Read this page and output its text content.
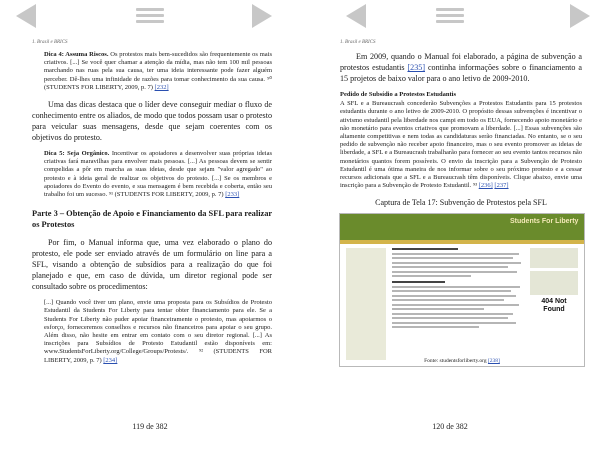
1. Brasil e BRICS

Dica 4: Assuma Riscos. Os protestos mais bem-sucedidos são frequentemente os mais criativos. [...] Se você quer chamar a atenção da mídia, mas não tem 100 mil pessoas marchando nas ruas pela sua causa, ter uma ideia interessante pode fazer alguém perceber. Dê-lhes uma infinidade de razões para tomar conhecimento da sua causa. ⁹⁰ (STUDENTS FOR LIBERTY, 2009, p. 7) [232]

Uma das dicas destaca que o líder deve conseguir mediar o fluxo de conhecimento entre os aliados, de modo que todos possam usar o protesto para veicular suas mensagens, desde que sejam coerentes com os objetivos do protesto.

Dica 5: Seja Orgânico. Incentivar os apoiadores a desenvolver suas próprias ideias criativas fará maravilhas para envolver mais pessoas. [...] As pessoas devem se sentir compelidas a pôr em marcha as suas ideias, desde que sejam "valor agregado" ao protesto e à ideia geral de realizar os objetivos do protesto. [...] Se os membros e apoiadores do Evento do evento, e sua mensagem é bem recebida e coberta, então seu trabalho foi um sucesso. ⁹¹ (STUDENTS FOR LIBERTY, 2009, p. 7) [233]

Parte 3 – Obtenção de Apoio e Financiamento da SFL para realizar os Protestos

Por fim, o Manual informa que, uma vez elaborado o plano do protesto, ele pode ser enviado através de um formulário on line para a SFL, visando a obtenção de subsídios para a realização do que foi planejado e que, em caso de dúvida, um diretor regional pode ser consultado sobre os procedimentos:

[...] Quando você tiver um plano, envie uma proposta para os Subsídios de Protesto Estudantil da Students For Liberty para tentar obter financiamento para ele. Se a Students For Liberty não puder apoiar financeiramente o protesto, mas apoiarmos o esforço, forneceremos conselhos e recursos não financeiros para apoiar o seu grupo. Além disso, não hesite em entrar em contato com o seu diretor regional. [...] As inscrições para Subsídios de Protesto Estudantil estão disponíveis em: www.StudentsForLiberty.org/College/Groups/Protests/. ⁹² (STUDENTS FOR LIBERTY, 2009, p. 7) [234]

119 de 382
1. Brasil e BRICS

Em 2009, quando o Manual foi elaborado, a página de subvenção a protestos estudantis [235] continha informações sobre o financiamento a 15 projetos de baixo valor para o ano letivo de 2009-2010.

Pedido de Subsídio a Protestos Estudantis
A SFL e a Bureaucrash concederão Subvenções a Protestos Estudantis para 15 protestos estudantis durante o ano letivo de 2009-2010. O propósito dessas subvenções é incentivar o ativismo estudantil pela liberdade nos campi em todo os EUA, fornecendo apoio monetário e não monetário para eventos criativos que promovam a liberdade. [...] Essas subvenções são altamente competitivas e nem todas as candidaturas serão financiadas. No entanto, se o seu pedido de subvenção não receber apoio financeiro, mas o seu evento promover as ideias de liberdade, a SFL e a Bureaucrash trabalharão para fornecer ao seu evento tantos recursos não monetários quantos forem possíveis. O envio da inscrição para a Subvenção de Protesto Estudantil é uma ótima maneira de nos informar sobre o seu próximo protesto e a cessar recursos adicionais que a SFL e a Bureaucrash têm disponíveis. Clique abaixo, envie uma inscrição para a Subvenção de Protesto Estudantil. ⁹³ [236] [237]
Captura de Tela 17: Subvenção de Protestos pela SFL
Students For Liberty
404 Not Found
Fonte: studentsforliberty.org [238]
120 de 382
